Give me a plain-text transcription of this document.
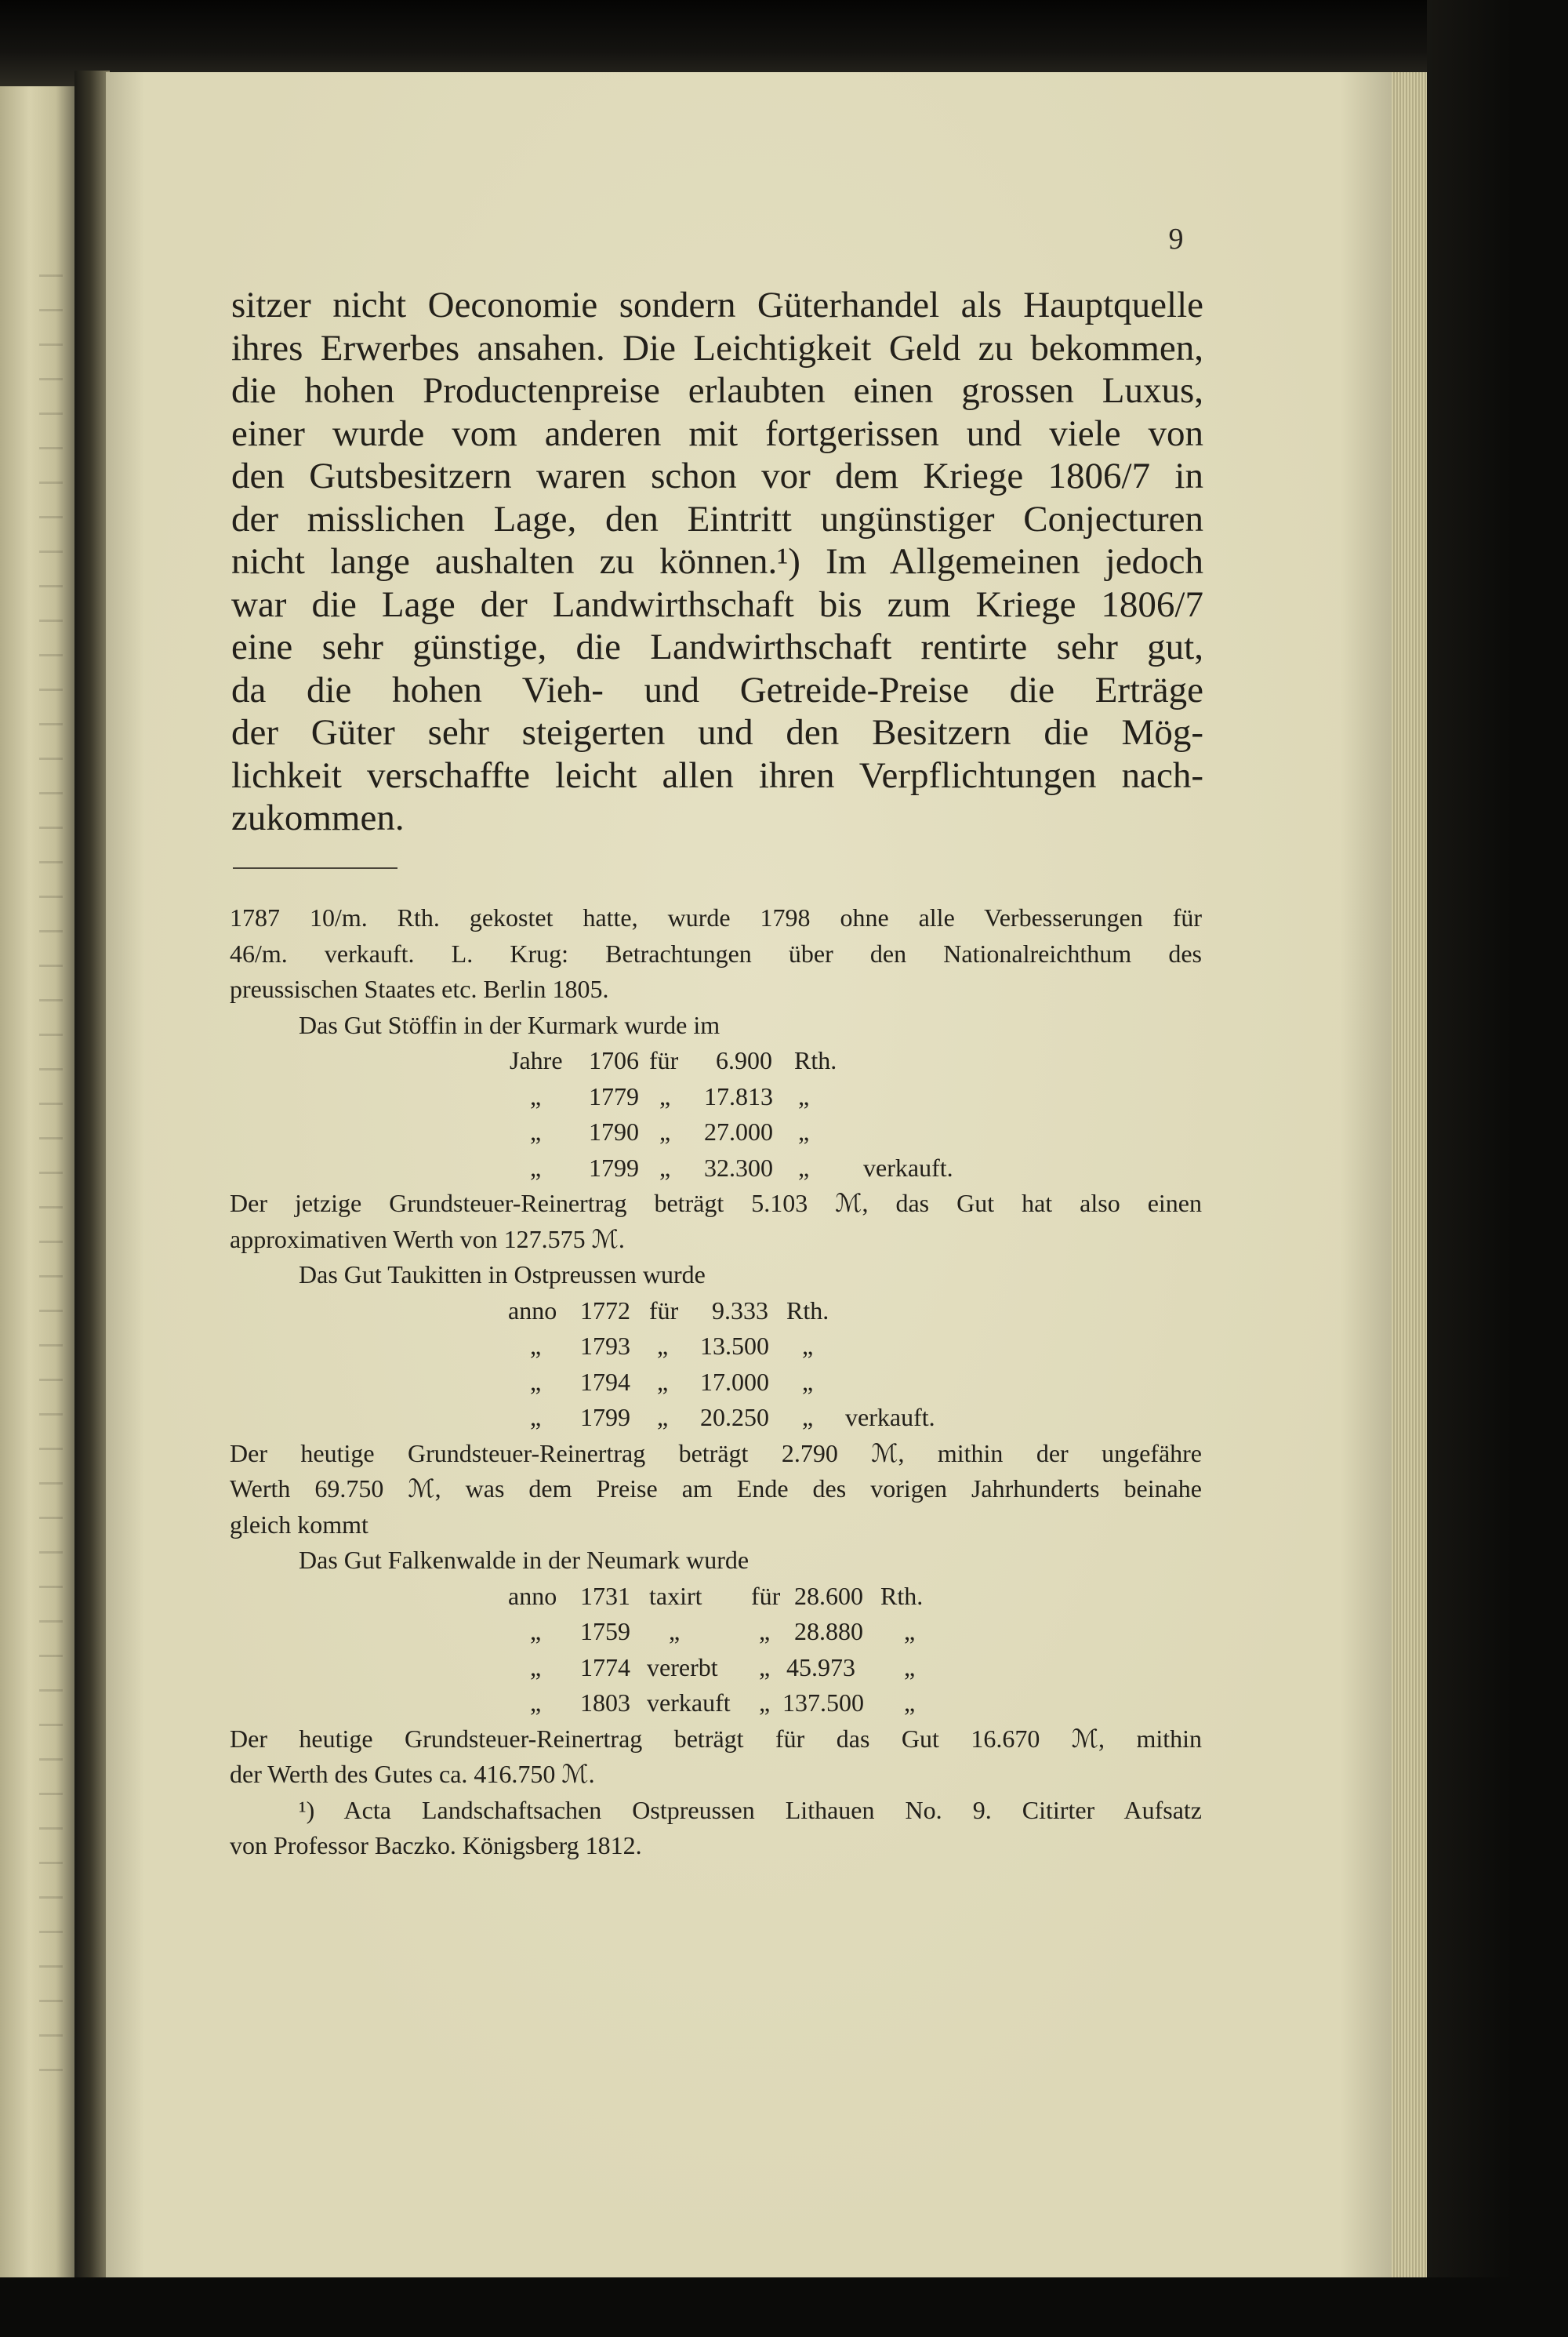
9
sitzer nicht Oeconomie sondern Güterhandel als Hauptquelle
ihres Erwerbes ansahen. Die Leichtigkeit Geld zu bekommen,
die hohen Productenpreise erlaubten einen grossen Luxus,
einer wurde vom anderen mit fortgerissen und viele von
den Gutsbesitzern waren schon vor dem Kriege 1806/7 in
der misslichen Lage, den Eintritt ungünstiger Conjecturen
nicht lange aushalten zu können.¹) Im Allgemeinen jedoch
war die Lage der Landwirthschaft bis zum Kriege 1806/7
eine sehr günstige, die Landwirthschaft rentirte sehr gut,
da die hohen Vieh- und Getreide-Preise die Erträge
der Güter sehr steigerten und den Besitzern die Mög-
lichkeit verschaffte leicht allen ihren Verpflichtungen nach-
zukommen.
1787 10/m. Rth. gekostet hatte, wurde 1798 ohne alle Verbesserungen für
46/m. verkauft. L. Krug: Betrachtungen über den Nationalreichthum des
preussischen Staates etc. Berlin 1805.
Das Gut Stöffin in der Kurmark wurde im
Jahre 1706 für 6.900 Rth.
„ 1779 „ 17.813 „
„ 1790 „ 27.000 „
„ 1799 „ 32.300 „ verkauft.
Der jetzige Grundsteuer-Reinertrag beträgt 5.103 ℳ, das Gut hat also einen
approximativen Werth von 127.575 ℳ.
Das Gut Taukitten in Ostpreussen wurde
anno 1772 für 9.333 Rth.
„ 1793 „ 13.500 „
„ 1794 „ 17.000 „
„ 1799 „ 20.250 „ verkauft.
Der heutige Grundsteuer-Reinertrag beträgt 2.790 ℳ, mithin der ungefähre
Werth 69.750 ℳ, was dem Preise am Ende des vorigen Jahrhunderts beinahe
gleich kommt
Das Gut Falkenwalde in der Neumark wurde
anno 1731 taxirt für 28.600 Rth.
„ 1759 „	„ 28.880 „
„ 1774 vererbt „ 45.973 „
„ 1803 verkauft „ 137.500 „
Der heutige Grundsteuer-Reinertrag beträgt für das Gut 16.670 ℳ, mithin
der Werth des Gutes ca. 416.750 ℳ.
¹) Acta Landschaftsachen Ostpreussen Lithauen No. 9. Citirter Aufsatz
von Professor Baczko. Königsberg 1812.
